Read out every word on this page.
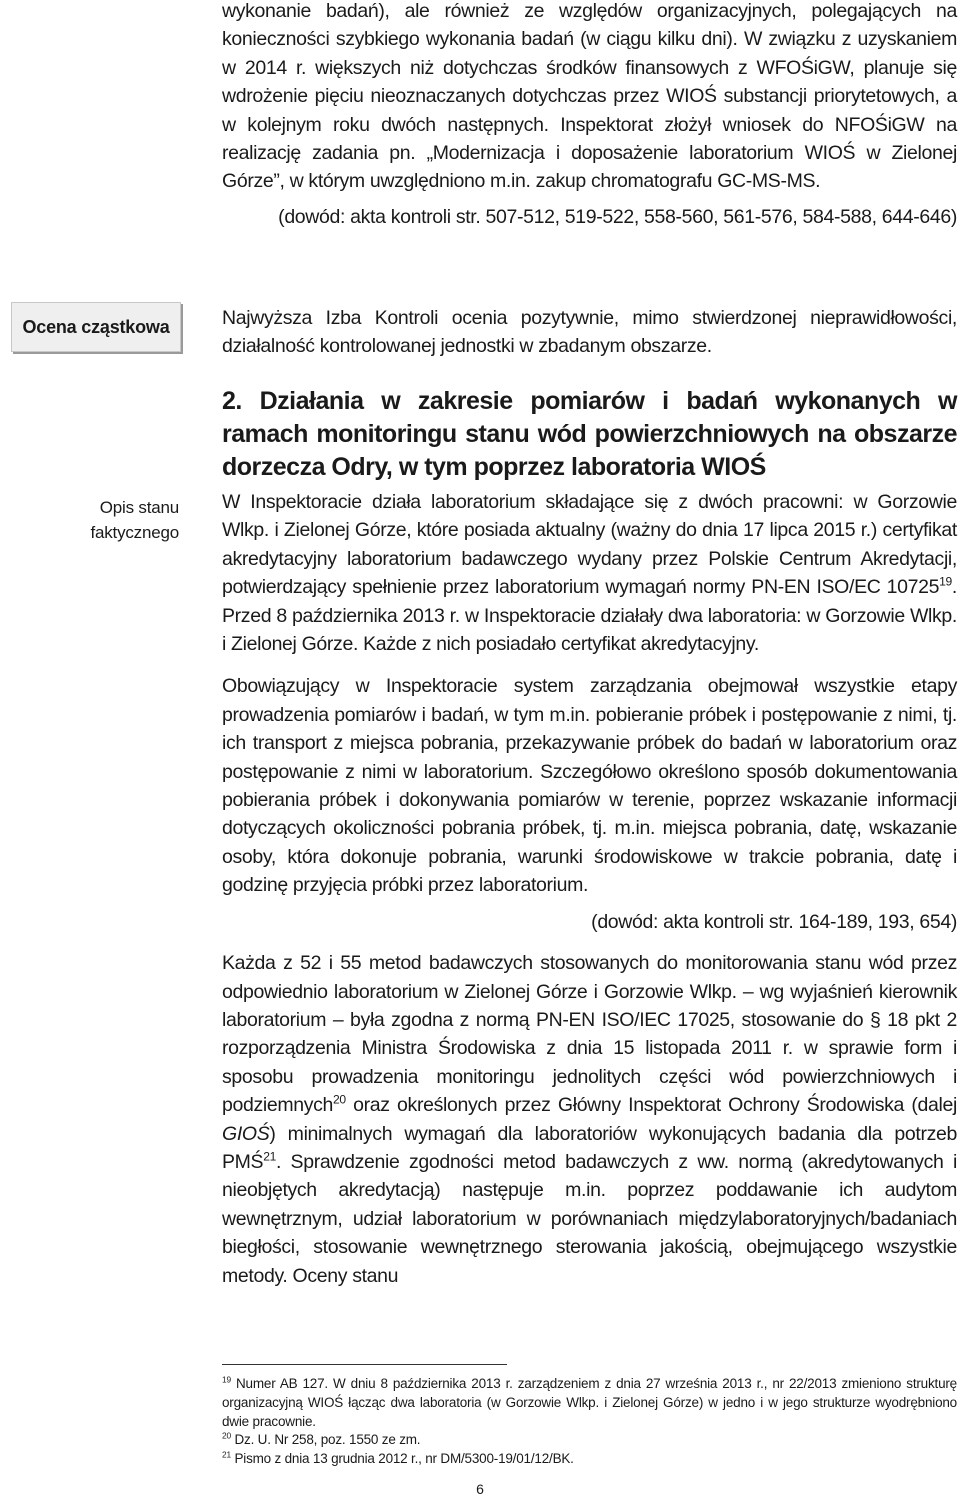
wykonanie badań), ale również ze względów organizacyjnych, polegających na konieczności szybkiego wykonania badań (w ciągu kilku dni). W związku z uzyskaniem w 2014 r. większych niż dotychczas środków finansowych z WFOŚiGW, planuje się wdrożenie pięciu nieoznaczanych dotychczas przez WIOŚ substancji priorytetowych, a w kolejnym roku dwóch następnych. Inspektorat złożył wniosek do NFOŚiGW na realizację zadania pn. „Modernizacja i doposażenie laboratorium WIOŚ w Zielonej Górze”, w którym uwzględniono m.in. zakup chromatografu GC-MS-MS.

(dowód: akta kontroli str. 507-512, 519-522, 558-560, 561-576, 584-588, 644-646)

Ocena cząstkowa	Najwyższa Izba Kontroli ocenia pozytywnie, mimo stwierdzonej nieprawidłowości, działalność kontrolowanej jednostki w zbadanym obszarze.

2. Działania w zakresie pomiarów i badań wykonanych w ramach monitoringu stanu wód powierzchniowych na obszarze dorzecza Odry, w tym poprzez laboratoria WIOŚ
Opis stanu
faktycznego

W Inspektoracie działa laboratorium składające się z dwóch pracowni: w Gorzowie Wlkp. i Zielonej Górze, które posiada aktualny (ważny do dnia 17 lipca 2015 r.) certyfikat akredytacyjny laboratorium badawczego wydany przez Polskie Centrum Akredytacji, potwierdzający spełnienie przez laboratorium wymagań normy PN-EN ISO/EC 10725$^{19}$. Przed 8 października 2013 r. w Inspektoracie działały dwa laboratoria: w Gorzowie Wlkp. i Zielonej Górze. Każde z nich posiadało certyfikat akredytacyjny.

Obowiązujący w Inspektoracie system zarządzania obejmował wszystkie etapy prowadzenia pomiarów i badań, w tym m.in. pobieranie próbek i postępowanie z nimi, tj. ich transport z miejsca pobrania, przekazywanie próbek do badań w laboratorium oraz postępowanie z nimi w laboratorium. Szczegółowo określono sposób dokumentowania pobierania próbek i dokonywania pomiarów w terenie, poprzez wskazanie informacji dotyczących okoliczności pobrania próbek, tj. m.in. miejsca pobrania, datę, wskazanie osoby, która dokonuje pobrania, warunki środowiskowe w trakcie pobrania, datę i godzinę przyjęcia próbki przez laboratorium.

(dowód: akta kontroli str. 164-189, 193, 654)

Każda z 52 i 55 metod badawczych stosowanych do monitorowania stanu wód przez odpowiednio laboratorium w Zielonej Górze i Gorzowie Wlkp. – wg wyjaśnień kierownik laboratorium – była zgodna z normą PN-EN ISO/IEC 17025, stosowanie do § 18 pkt 2 rozporządzenia Ministra Środowiska z dnia 15 listopada 2011 r. w sprawie form i sposobu prowadzenia monitoringu jednolitych części wód powierzchniowych i podziemnych$^{20}$ oraz określonych przez Główny Inspektorat Ochrony Środowiska (dalej GIOŚ) minimalnych wymagań dla laboratoriów wykonujących badania dla potrzeb PMŚ$^{21}$. Sprawdzenie zgodności metod badawczych z ww. normą (akredytowanych i nieobjętych akredytacją) następuje m.in. poprzez poddawanie ich audytom wewnętrznym, udział laboratorium w porównaniach międzylaboratoryjnych/badaniach biegłości, stosowanie wewnętrznego sterowania jakością, obejmującego wszystkie metody. Oceny stanu

$^{19}$ Numer AB 127. W dniu 8 października 2013 r. zarządzeniem z dnia 27 września 2013 r., nr 22/2013 zmieniono strukturę organizacyjną WIOŚ łącząc dwa laboratoria (w Gorzowie Wlkp. i Zielonej Górze) w jedno i w jego strukturze wyodrębniono dwie pracownie.

$^{20}$ Dz. U. Nr 258, poz. 1550 ze zm.

$^{21}$ Pismo z dnia 13 grudnia 2012 r., nr DM/5300-19/01/12/BK.

6
